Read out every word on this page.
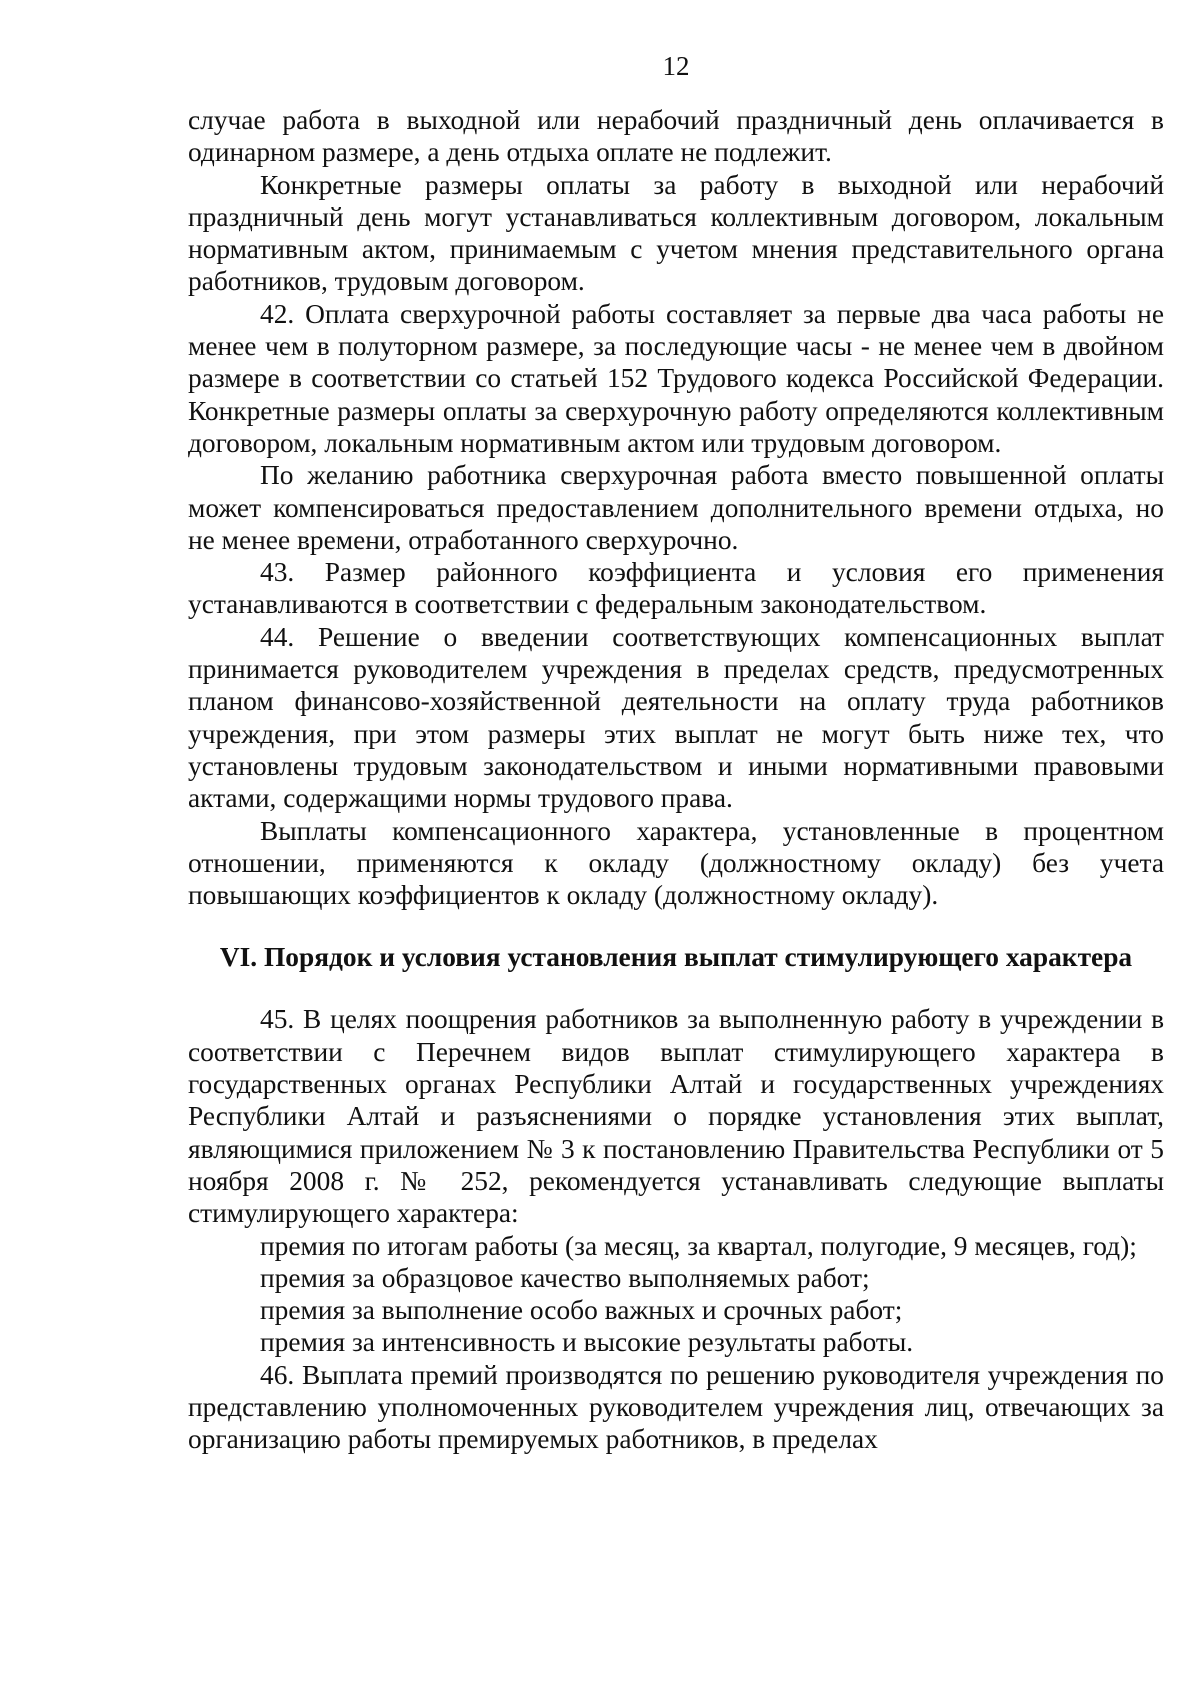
12

случае работа в выходной или нерабочий праздничный день оплачивается в одинарном размере, а день отдыха оплате не подлежит.

Конкретные размеры оплаты за работу в выходной или нерабочий праздничный день могут устанавливаться коллективным договором, локальным нормативным актом, принимаемым с учетом мнения представительного органа работников, трудовым договором.

42. Оплата сверхурочной работы составляет за первые два часа работы не менее чем в полуторном размере, за последующие часы - не менее чем в двойном размере в соответствии со статьей 152 Трудового кодекса Российской Федерации. Конкретные размеры оплаты за сверхурочную работу определяются коллективным договором, локальным нормативным актом или трудовым договором.

По желанию работника сверхурочная работа вместо повышенной оплаты может компенсироваться предоставлением дополнительного времени отдыха, но не менее времени, отработанного сверхурочно.

43. Размер районного коэффициента и условия его применения устанавливаются в соответствии с федеральным законодательством.

44. Решение о введении соответствующих компенсационных выплат принимается руководителем учреждения в пределах средств, предусмотренных планом финансово-хозяйственной деятельности на оплату труда работников учреждения, при этом размеры этих выплат не могут быть ниже тех, что установлены трудовым законодательством и иными нормативными правовыми актами, содержащими нормы трудового права.

Выплаты компенсационного характера, установленные в процентном отношении, применяются к окладу (должностному окладу) без учета повышающих коэффициентов к окладу (должностному окладу).

VI. Порядок и условия установления выплат стимулирующего характера

45. В целях поощрения работников за выполненную работу в учреждении в соответствии с Перечнем видов выплат стимулирующего характера в государственных органах Республики Алтай и государственных учреждениях Республики Алтай и разъяснениями о порядке установления этих выплат, являющимися приложением № 3 к постановлению Правительства Республики от 5 ноября 2008 г. № 252, рекомендуется устанавливать следующие выплаты стимулирующего характера:

премия по итогам работы (за месяц, за квартал, полугодие, 9 месяцев, год);

премия за образцовое качество выполняемых работ;

премия за выполнение особо важных и срочных работ;

премия за интенсивность и высокие результаты работы.

46. Выплата премий производятся по решению руководителя учреждения по представлению уполномоченных руководителем учреждения лиц, отвечающих за организацию работы премируемых работников, в пределах
